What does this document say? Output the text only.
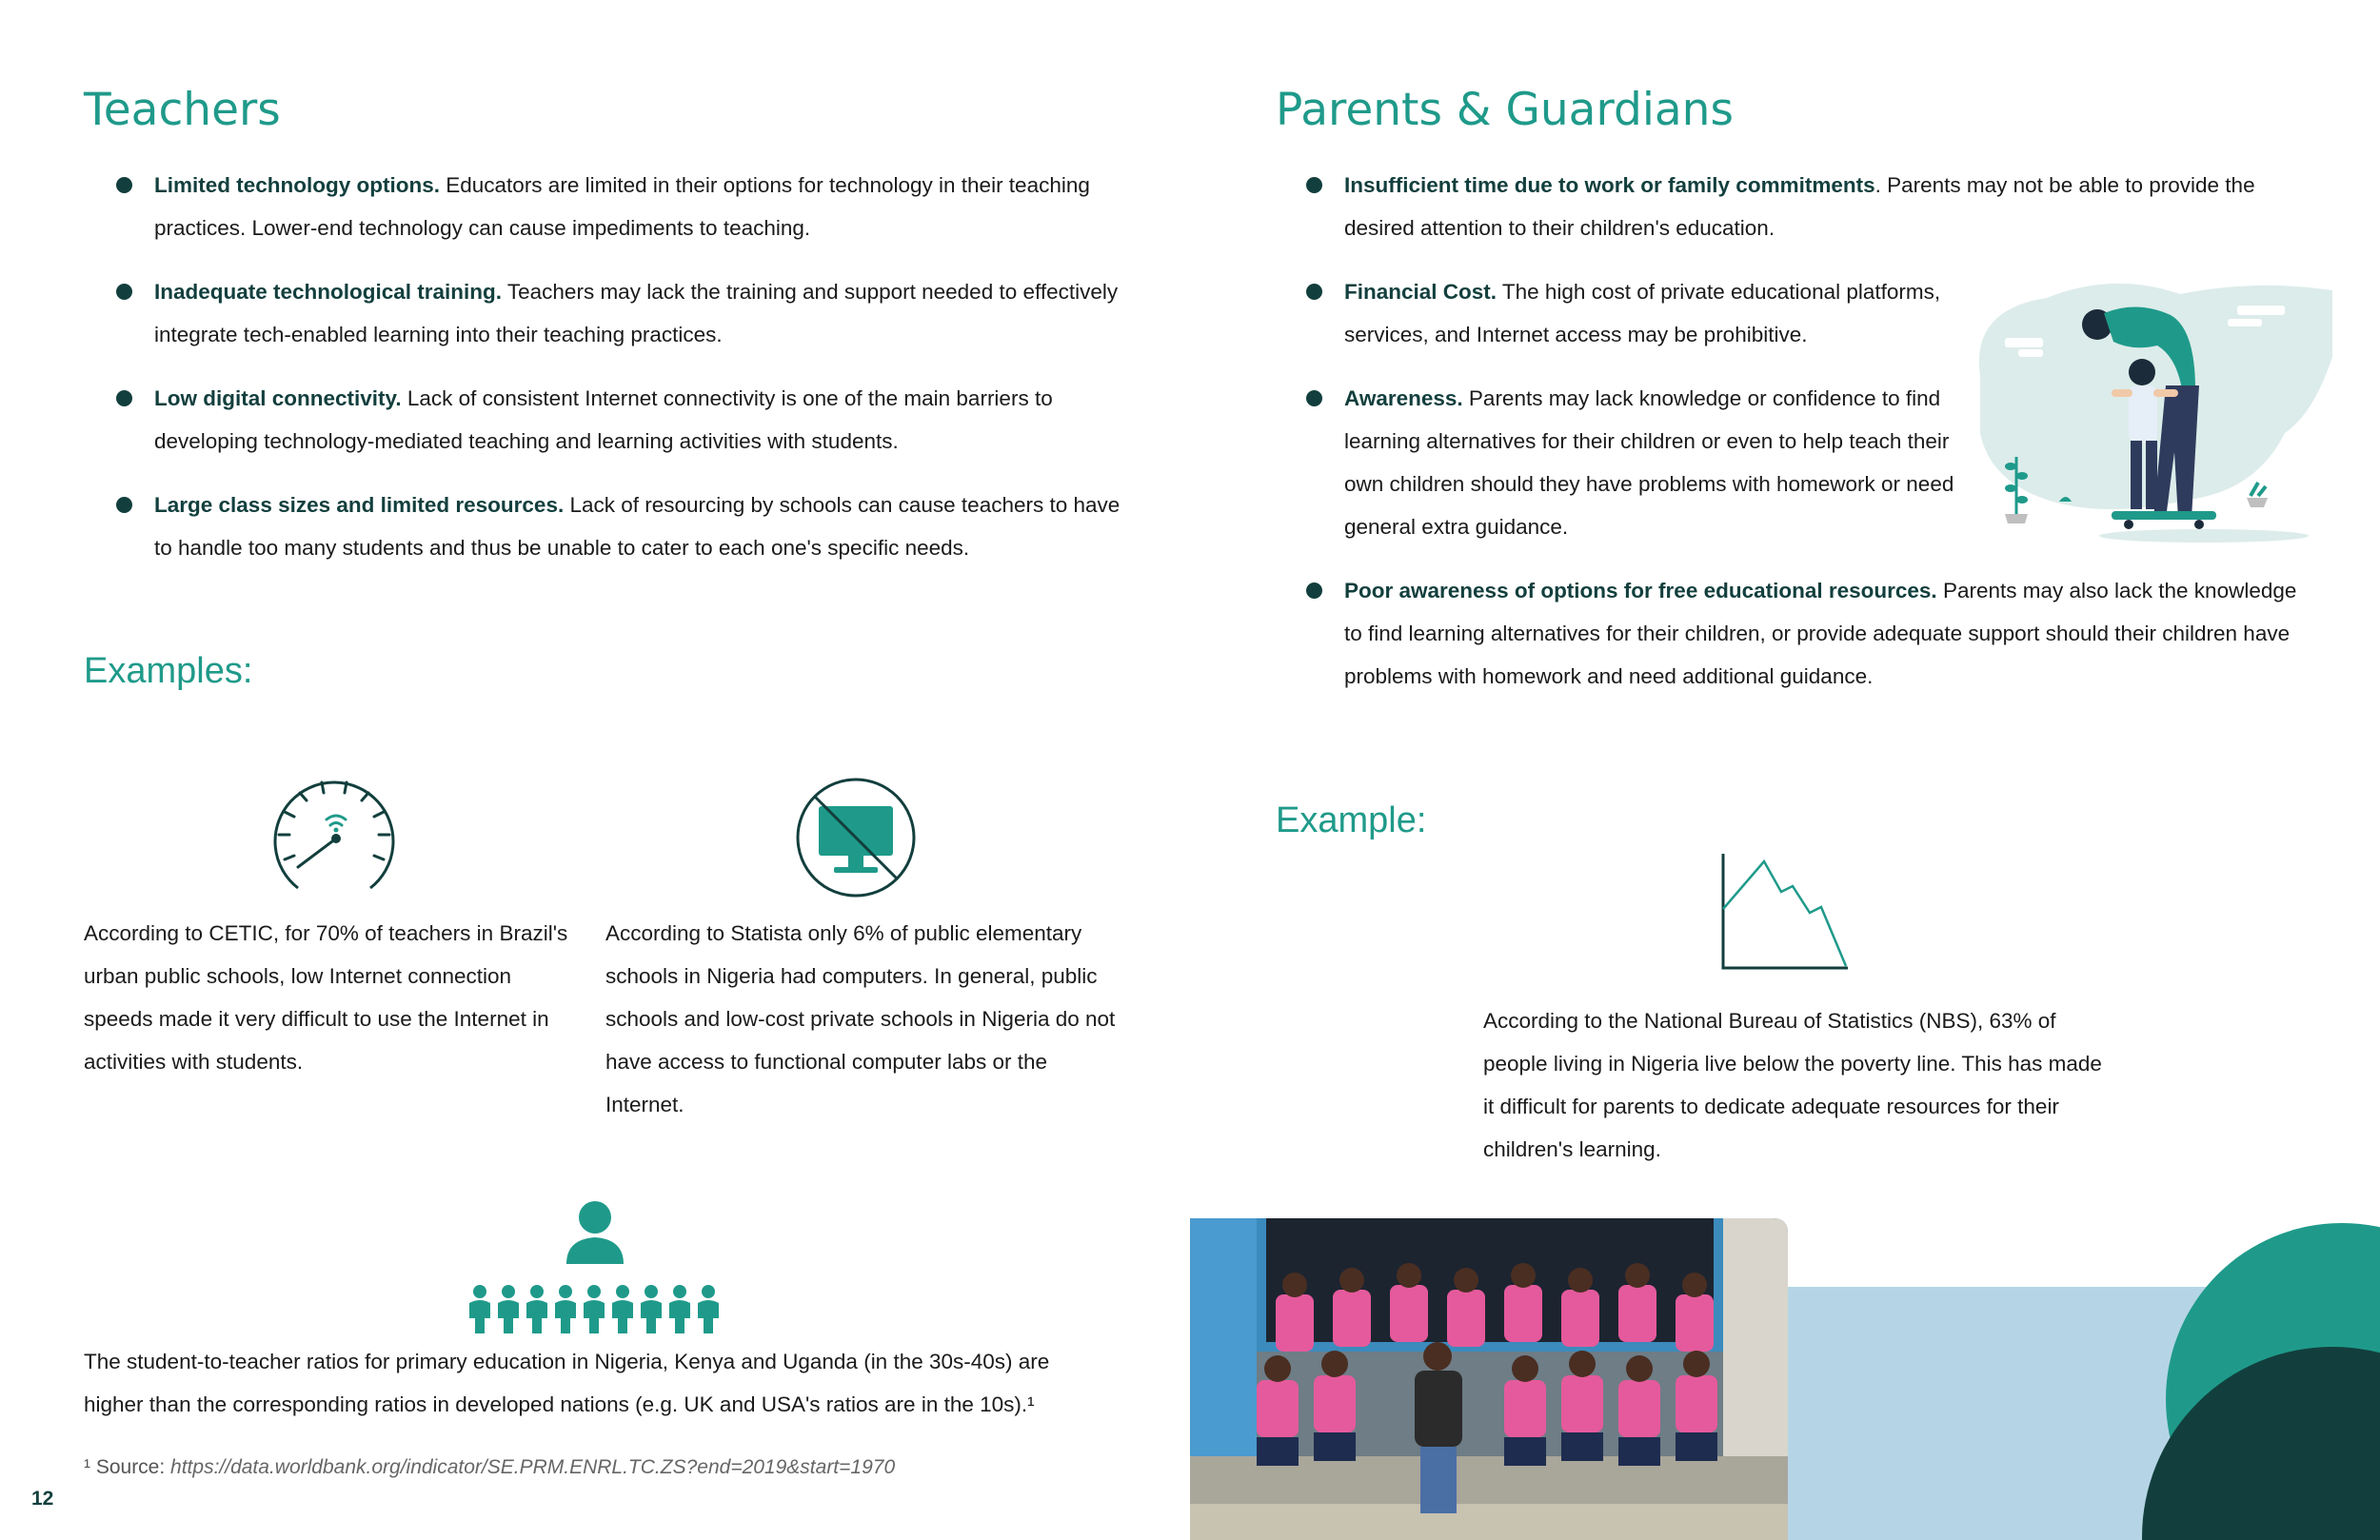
Teachers
Limited technology options. Educators are limited in their options for technology in their teaching practices. Lower-end technology can cause impediments to teaching.
Inadequate technological training. Teachers may lack the training and support needed to effectively integrate tech-enabled learning into their teaching practices.
Low digital connectivity. Lack of consistent Internet connectivity is one of the main barriers to developing technology-mediated teaching and learning activities with students.
Large class sizes and limited resources. Lack of resourcing by schools can cause teachers to have to handle too many students and thus be unable to cater to each one's specific needs.
Examples:
According to CETIC, for 70% of teachers in Brazil's urban public schools, low Internet connection speeds made it very difficult to use the Internet in activities with students.
According to Statista only 6% of public elementary schools in Nigeria had computers. In general, public schools and low-cost private schools in Nigeria do not have access to functional computer labs or the Internet.
The student-to-teacher ratios for primary education in Nigeria, Kenya and Uganda (in the 30s-40s) are higher than the corresponding ratios in developed nations (e.g. UK and USA's ratios are in the 10s).¹
¹ Source: https://data.worldbank.org/indicator/SE.PRM.ENRL.TC.ZS?end=2019&start=1970
12
Parents & Guardians
Insufficient time due to work or family commitments. Parents may not be able to provide the desired attention to their children's education.
Financial Cost. The high cost of private educational platforms, services, and Internet access may be prohibitive.
Awareness. Parents may lack knowledge or confidence to find learning alternatives for their children or even to help teach their own children should they have problems with homework or need general extra guidance.
Poor awareness of options for free educational resources. Parents may also lack the knowledge to find learning alternatives for their children, or provide adequate support should their children have problems with homework and need additional guidance.
Example:
According to the National Bureau of Statistics (NBS), 63% of people living in Nigeria live below the poverty line. This has made it difficult for parents to dedicate adequate resources for their children's learning.
13
